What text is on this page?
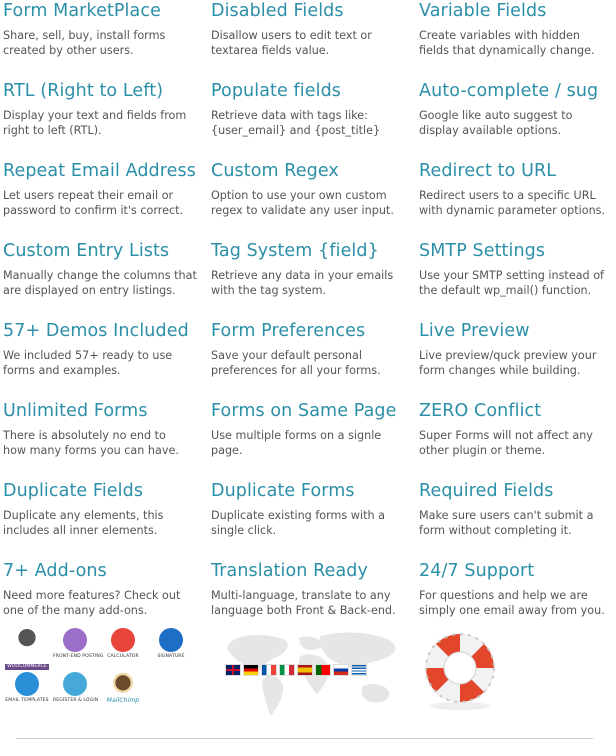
Form MarketPlace

Share, sell, buy, install forms
created by other users.

Disabled Fields

Disallow users to edit text or
textarea fields value.

Variable Fields

Create variables with hidden
fields that dynamically change.

RTL (Right to Left)

Display your text and fields from
right to left (RTL).

Populate fields

Retrieve data with tags like:
{user_email} and {post_title}

Auto-complete / sug

Google like auto suggest to
display available options.

Repeat Email Address

Let users repeat their email or
password to confirm it's correct.

Custom Regex

Option to use your own custom
regex to validate any user input.

Redirect to URL

Redirect users to a specific URL
with dynamic parameter options.

Custom Entry Lists

Manually change the columns that
are displayed on entry listings.

Tag System {field}

Retrieve any data in your emails
with the tag system.

SMTP Settings

Use your SMTP setting instead of
the default wp_mail() function.

57+ Demos Included

We included 57+ ready to use
forms and examples.

Form Preferences

Save your default personal
preferences for all your forms.

Live Preview

Live preview/quck preview your
form changes while building.

Unlimited Forms

There is absolutely no end to
how many forms you can have.

Forms on Same Page

Use multiple forms on a signle
page.

ZERO Conflict

Super Forms will not affect any
other plugin or theme.

Duplicate Fields

Duplicate any elements, this
includes all inner elements.

Duplicate Forms

Duplicate existing forms with a
single click.

Required Fields

Make sure users can't submit a
form without completing it.

7+ Add-ons

Need more features? Check out
one of the many add-ons.

Translation Ready

Multi-language, translate to any
language both Front & Back-end.

24/7 Support

For questions and help we are
simply one email away from you.

WOOCOMMERCE
FRONT-END POSTING CALCULATOR	SIGNATURE
EMAIL TEMPLATES REGISTER & LOGIN	MailChimp
